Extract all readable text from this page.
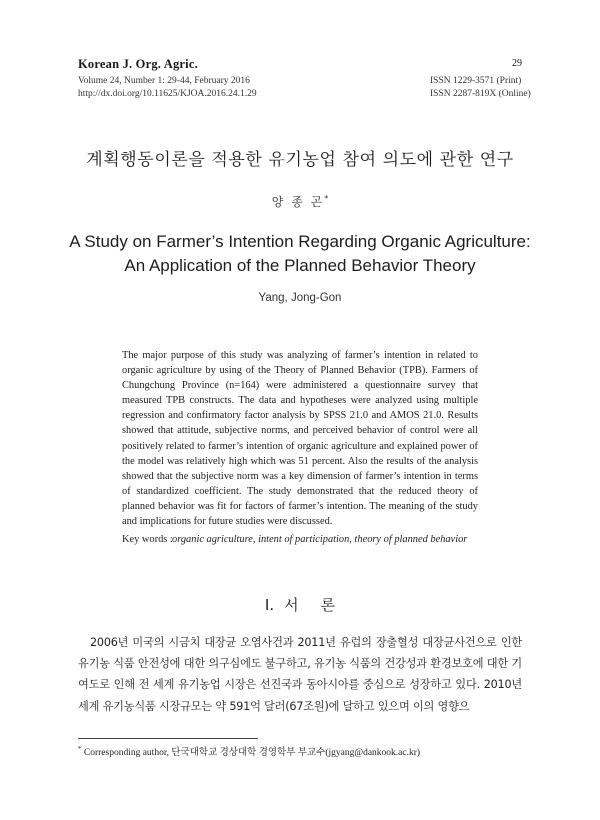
Korean J. Org. Agric.
Volume 24, Number 1: 29-44, February 2016
http://dx.doi.org/10.11625/KJOA.2016.24.1.29
29
ISSN 1229-3571 (Print)
ISSN 2287-819X (Online)
계획행동이론을 적용한 유기농업 참여 의도에 관한 연구
양 종 곤*
A Study on Farmer’s Intention Regarding Organic Agriculture:
An Application of the Planned Behavior Theory
Yang, Jong-Gon
The major purpose of this study was analyzing of farmer’s intention in related to organic agriculture by using of the Theory of Planned Behavior (TPB). Farmers of Chungchung Province (n=164) were administered a questionnaire survey that measured TPB constructs. The data and hypotheses were analyzed using multiple regression and confirmatory factor analysis by SPSS 21.0 and AMOS 21.0. Results showed that attitude, subjective norms, and perceived behavior of control were all positively related to farmer’s intention of organic agriculture and explained power of the model was relatively high which was 51 percent. Also the results of the analysis showed that the subjective norm was a key dimension of farmer’s intention in terms of standardized coefficient. The study demonstrated that the reduced theory of planned behavior was fit for factors of farmer’s intention. The meaning of the study and implications for future studies were discussed.
Key words : organic agriculture, intent of participation, theory of planned behavior
Ⅰ. 서론
2006년 미국의 시금치 대장균 오염사건과 2011년 유럽의 장출혈성 대장균사건으로 인한 유기농 식품 안전성에 대한 의구심에도 불구하고, 유기농 식품의 건강성과 환경보호에 대한 기여도로 인해 전 세계 유기농업 시장은 선진국과 동아시아를 중심으로 성장하고 있다. 2010년 세계 유기농식품 시장규모는 약 591억 달러(67조원)에 달하고 있으며 이의 영향으
* Corresponding author, 단국대학교 경상대학 경영학부 부교수(jgyang@dankook.ac.kr)
